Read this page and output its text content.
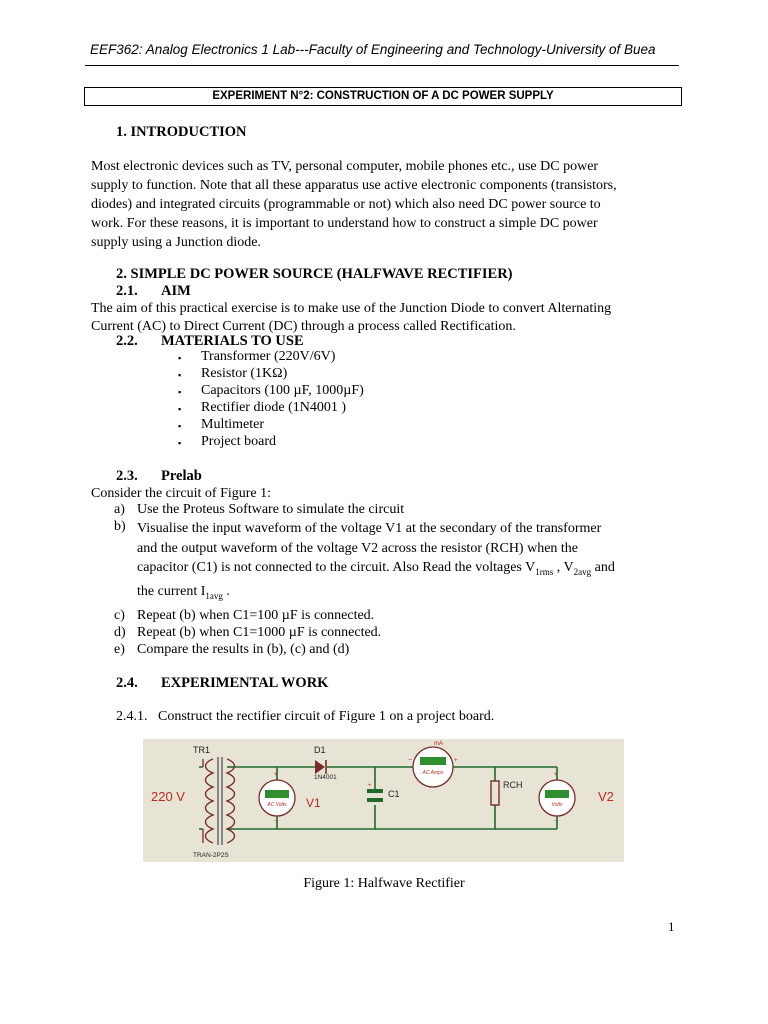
EEF362: Analog Electronics 1 Lab---Faculty of Engineering and Technology-University of Buea
EXPERIMENT N°2: CONSTRUCTION OF A DC POWER SUPPLY
1. INTRODUCTION
Most electronic devices such as TV, personal computer, mobile phones etc., use DC power
supply to function. Note that all these apparatus use active electronic components (transistors,
diodes) and integrated circuits (programmable or not) which also need DC power source to
work. For these reasons, it is important to understand how to construct a simple DC power
supply using a Junction diode.
2. SIMPLE DC POWER SOURCE (HALFWAVE RECTIFIER)
2.1. AIM
The aim of this practical exercise is to make use of the Junction Diode to convert Alternating
Current (AC) to Direct Current (DC) through a process called Rectification.
2.2. MATERIALS TO USE
▪ Transformer (220V/6V)
▪ Resistor (1KΩ)
▪ Capacitors (100 µF, 1000µF)
▪ Rectifier diode (1N4001 )
▪ Multimeter
▪ Project board
2.3. Prelab
Consider the circuit of Figure 1:
a) Use the Proteus Software to simulate the circuit
b) Visualise the input waveform of the voltage V1 at the secondary of the transformer
and the output waveform of the voltage V2 across the resistor (RCH) when the
capacitor (C1) is not connected to the circuit. Also Read the voltages $V_{1rms}$ , $V_{2avg}$ and
the current $I_{1avg}$ .
c) Repeat (b) when C1=100 µF is connected.
d) Repeat (b) when C1=1000 µF is connected.
e) Compare the results in (b), (c) and (d)
2.4. EXPERIMENTAL WORK
2.4.1.   Construct the rectifier circuit of Figure 1 on a project board.
TR1
TRAN-2P2S
220 V
D1
1N4001
+
C1
RCH
AC Amps
−	+
mA
AC Volts
+
−
V1	Volts
+
−
V2
Figure 1: Halfwave Rectifier
1
